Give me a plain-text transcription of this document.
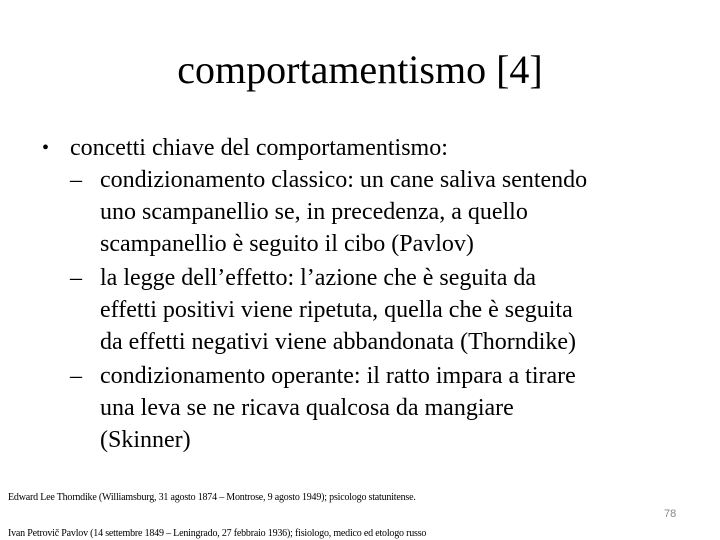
comportamentismo [4]
• concetti chiave del comportamentismo:
– condizionamento classico: un cane saliva sentendo
uno scampanellio se, in precedenza, a quello
scampanellio è seguito il cibo (Pavlov)
– la legge dell’effetto: l’azione che è seguita da
effetti positivi viene ripetuta, quella che è seguita
da effetti negativi viene abbandonata (Thorndike)
– condizionamento operante: il ratto impara a tirare
una leva se ne ricava qualcosa da mangiare
(Skinner)
Edward Lee Thorndike (Williamsburg, 31 agosto 1874 – Montrose, 9 agosto 1949); psicologo statunitense.
Ivan Petrovič Pavlov (14 settembre 1849 – Leningrado, 27 febbraio 1936); fisiologo, medico ed etologo russo
78
